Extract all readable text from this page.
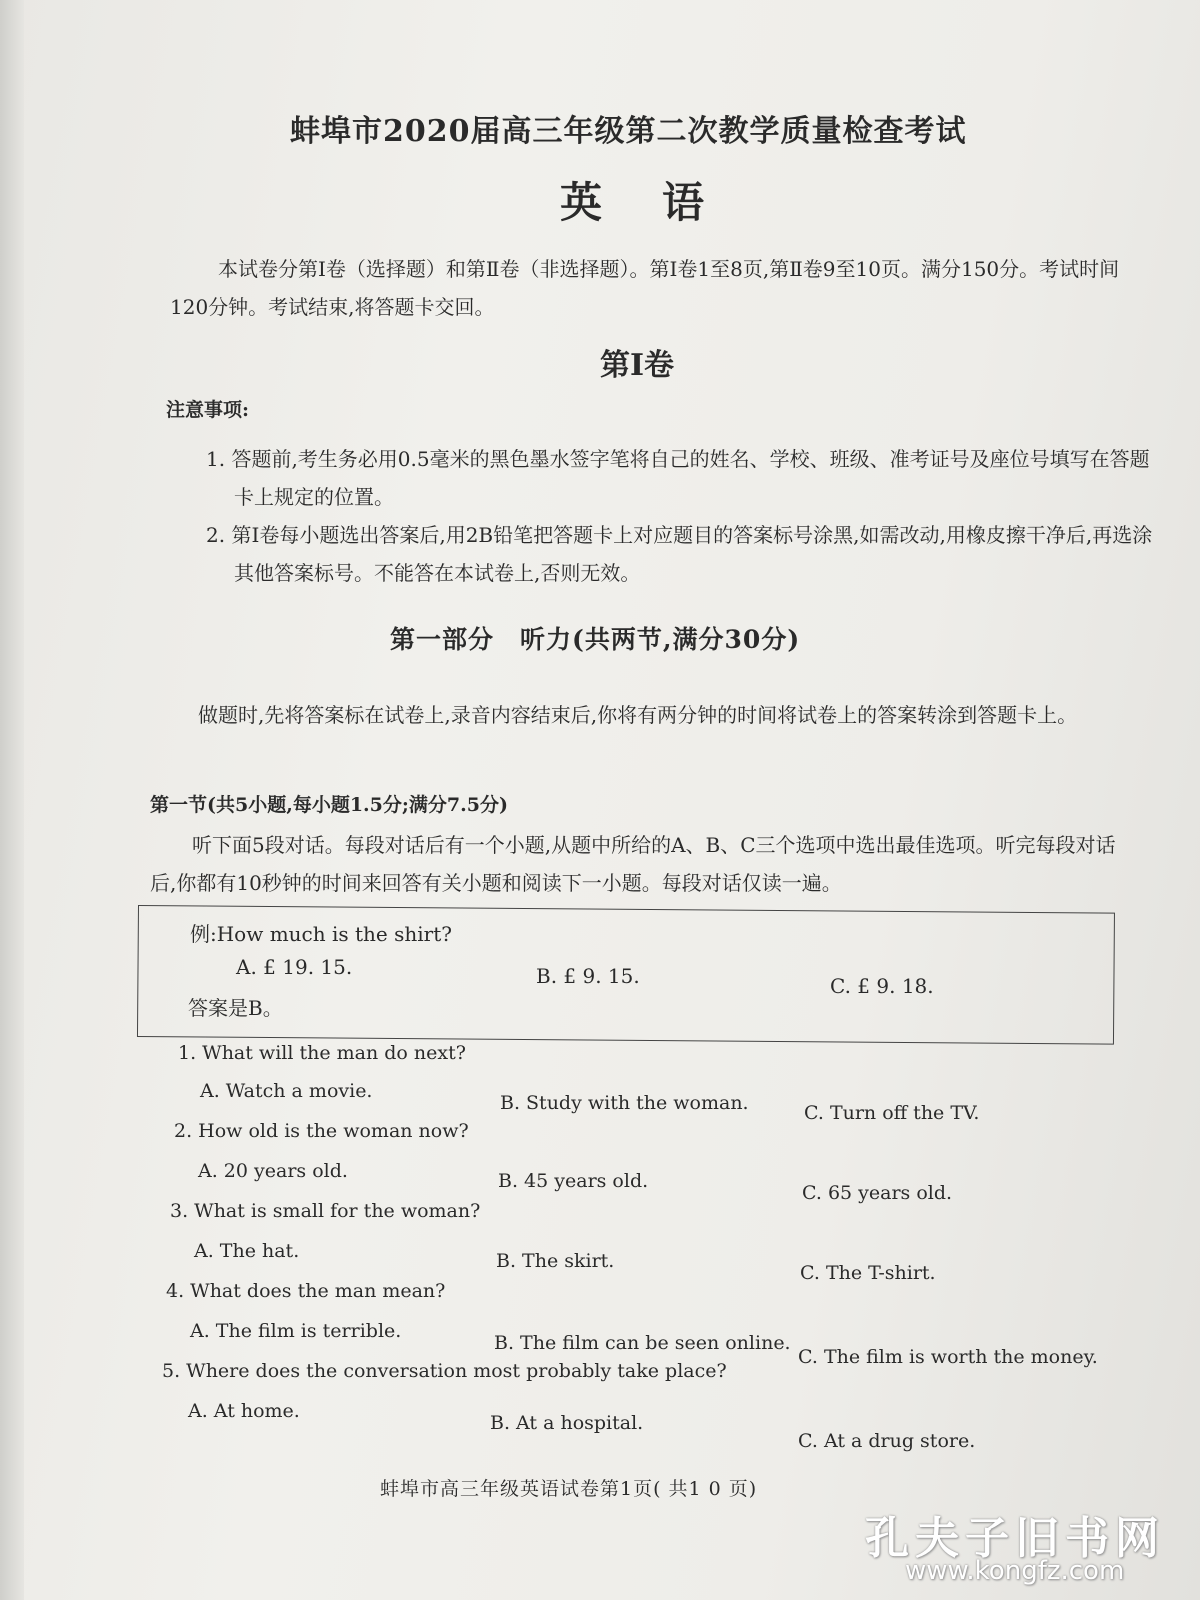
蚌埠市2020届高三年级第二次教学质量检查考试
英语
本试卷分第Ⅰ卷（选择题）和第Ⅱ卷（非选择题）。第Ⅰ卷1至8页,第Ⅱ卷9至10页。满分150分。考试时间120分钟。考试结束,将答题卡交回。
第Ⅰ卷
注意事项:
1. 答题前,考生务必用0.5毫米的黑色墨水签字笔将自己的姓名、学校、班级、准考证号及座位号填写在答题卡上规定的位置。
2. 第Ⅰ卷每小题选出答案后,用2B铅笔把答题卡上对应题目的答案标号涂黑,如需改动,用橡皮擦干净后,再选涂其他答案标号。不能答在本试卷上,否则无效。
第一部分　听力(共两节,满分30分)
做题时,先将答案标在试卷上,录音内容结束后,你将有两分钟的时间将试卷上的答案转涂到答题卡上。
第一节(共5小题,每小题1.5分;满分7.5分)
听下面5段对话。每段对话后有一个小题,从题中所给的A、B、C三个选项中选出最佳选项。听完每段对话后,你都有10秒钟的时间来回答有关小题和阅读下一小题。每段对话仅读一遍。
例:How much is the shirt?
A. £ 19. 15.	B. £ 9. 15.	C. £ 9. 18.
答案是B。
1. What will the man do next?
A. Watch a movie.
B. Study with the woman.	C. Turn off the TV.
2. How old is the woman now?
A. 20 years old.	B. 45 years old.
C. 65 years old.
3. What is small for the woman?
A. The hat.	B. The skirt.
C. The T-shirt.
4. What does the man mean?
A. The film is terrible.
B. The film can be seen online.
C. The film is worth the money.
5. Where does the conversation most probably take place?
A. At home.
B. At a hospital.
C. At a drug store.
蚌埠市高三年级英语试卷第1页( 共1 0 页)
孔夫子旧书网
www.kongfz.com
